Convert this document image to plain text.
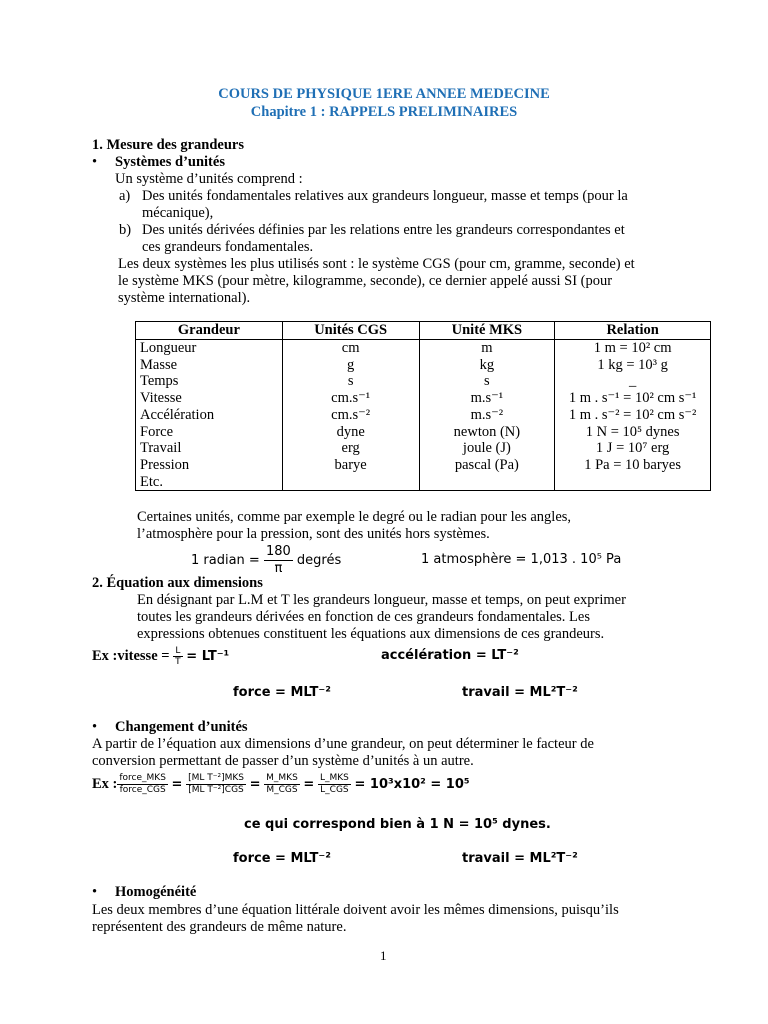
COURS DE PHYSIQUE 1ERE ANNEE MEDECINE
Chapitre 1 : RAPPELS PRELIMINAIRES
1. Mesure des grandeurs
• Systèmes d’unités
Un système d’unités comprend :
a) Des unités fondamentales relatives aux grandeurs longueur, masse et temps (pour la
mécanique),
b) Des unités dérivées définies par les relations entre les grandeurs correspondantes et
ces grandeurs fondamentales.
Les deux systèmes les plus utilisés sont : le système CGS (pour cm, gramme, seconde) et
le système MKS (pour mètre, kilogramme, seconde), ce dernier appelé aussi SI (pour
système international).
Grandeur	Unités CGS	Unité MKS	Relation
Longueur	cm	m	1 m = 10² cm
Masse	g	kg	1 kg = 10³ g
Temps	s	s	_
Vitesse	cm.s⁻¹	m.s⁻¹	1 m . s⁻¹ = 10² cm s⁻¹
Accélération	cm.s⁻²	m.s⁻²	1 m . s⁻² = 10² cm s⁻²
Force	dyne	newton (N)	1 N = 10⁵ dynes
Travail	erg	joule (J)	1 J = 10⁷ erg
Pression	barye	pascal (Pa)	1 Pa = 10 baryes
Etc.			
Certaines unités, comme par exemple le degré ou le radian pour les angles,
l’atmosphère pour la pression, sont des unités hors systèmes.
1 radian = $\frac{180}{\pi}$ degrés	1 atmosphère = 1,013 . 10⁵ Pa
2. Équation aux dimensions
En désignant par L.M et T les grandeurs longueur, masse et temps, on peut exprimer
toutes les grandeurs dérivées en fonction de ces grandeurs fondamentales. Les
expressions obtenues constituent les équations aux dimensions de ces grandeurs.
Ex :vitesse = $\frac{L}{T} = LT^{-1}$	accélération = LT⁻²
force = MLT⁻²	travail = ML²T⁻²
• Changement d’unités
A partir de l’équation aux dimensions d’une grandeur, on peut déterminer le facteur de
conversion permettant de passer d’un système d’unités à un autre.
Ex : $\frac{\text{force\_MKS}}{\text{force\_CGS}} = \frac{\text{[ML T⁻²]MKS}}{\text{[ML T⁻²]CGS}} = \frac{\text{M\_MKS}}{\text{M\_CGS}} = \frac{\text{L\_MKS}}{\text{L\_CGS}} = 10^3x10^2 = 10^5$
ce qui correspond bien à 1 N = 10⁵ dynes.
force = MLT⁻²	travail = ML²T⁻²
• Homogénéité
Les deux membres d’une équation littérale doivent avoir les mêmes dimensions, puisqu’ils
représentent des grandeurs de même nature.
1
